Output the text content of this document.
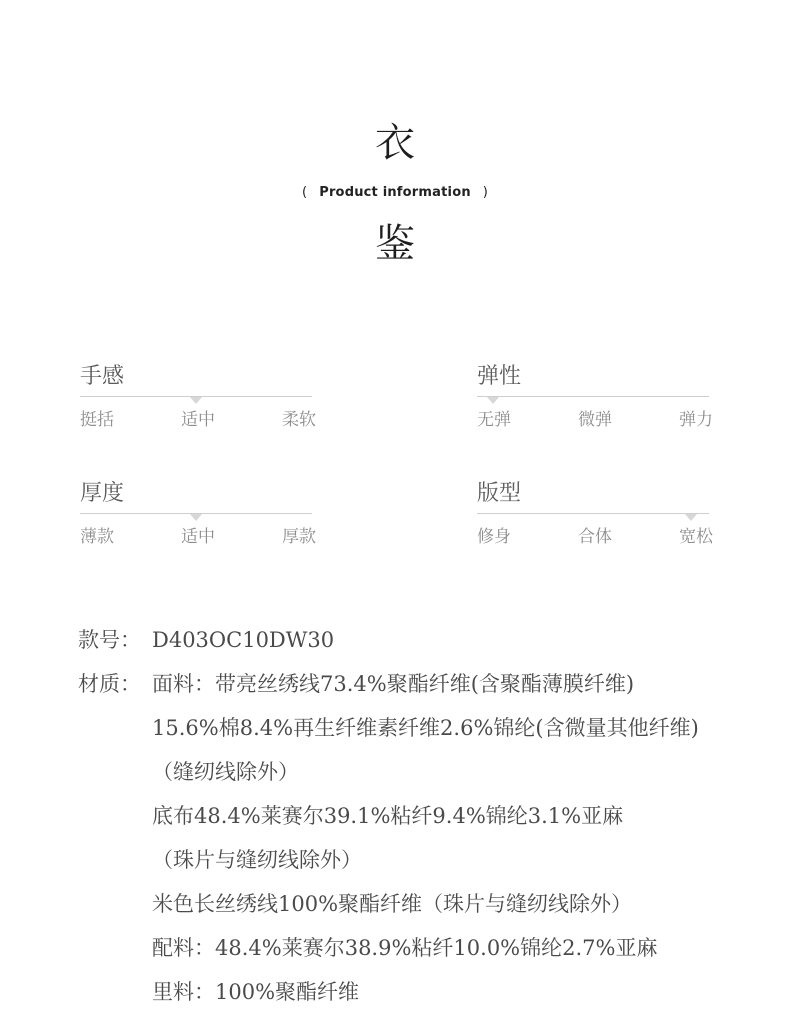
衣
( Product information )
鉴
手感
挺括	适中	柔软
弹性
无弹	微弹	弹力
厚度
薄款	适中	厚款
版型
修身	合体	宽松
款号： D403OC10DW30
材质： 面料：带亮丝绣线73.4%聚酯纤维(含聚酯薄膜纤维)
15.6%棉8.4%再生纤维素纤维2.6%锦纶(含微量其他纤维)
（缝纫线除外）
底布48.4%莱赛尔39.1%粘纤9.4%锦纶3.1%亚麻
（珠片与缝纫线除外）
米色长丝绣线100%聚酯纤维（珠片与缝纫线除外）
配料：48.4%莱赛尔38.9%粘纤10.0%锦纶2.7%亚麻
里料：100%聚酯纤维
